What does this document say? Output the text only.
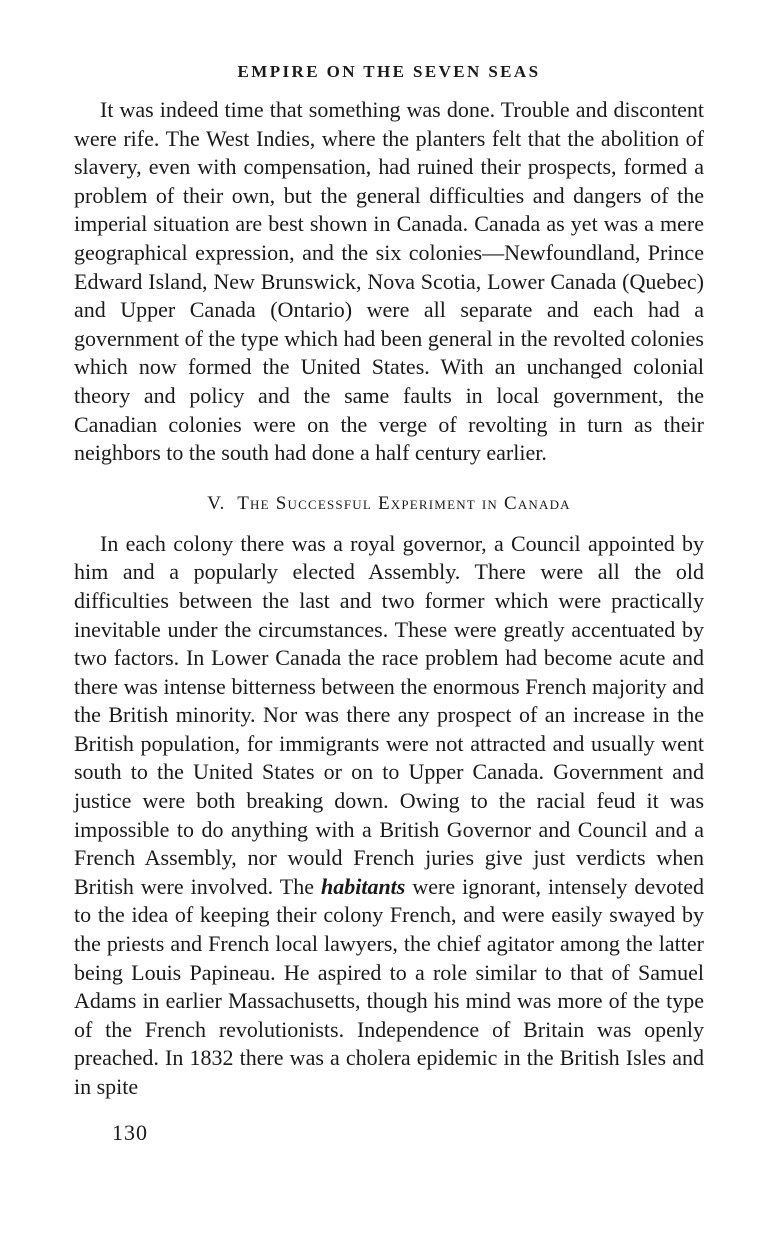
EMPIRE ON THE SEVEN SEAS

It was indeed time that something was done. Trouble and discontent were rife. The West Indies, where the planters felt that the abolition of slavery, even with compensation, had ruined their prospects, formed a problem of their own, but the general difficulties and dangers of the imperial situation are best shown in Canada. Canada as yet was a mere geographical expression, and the six colonies—Newfoundland, Prince Edward Island, New Brunswick, Nova Scotia, Lower Canada (Quebec) and Upper Canada (Ontario) were all separate and each had a government of the type which had been general in the revolted colonies which now formed the United States. With an unchanged colonial theory and policy and the same faults in local government, the Canadian colonies were on the verge of revolting in turn as their neighbors to the south had done a half century earlier.

V. The Successful Experiment in Canada

In each colony there was a royal governor, a Council appointed by him and a popularly elected Assembly. There were all the old difficulties between the last and two former which were practically inevitable under the circumstances. These were greatly accentuated by two factors. In Lower Canada the race problem had become acute and there was intense bitterness between the enormous French majority and the British minority. Nor was there any prospect of an increase in the British population, for immigrants were not attracted and usually went south to the United States or on to Upper Canada. Government and justice were both breaking down. Owing to the racial feud it was impossible to do anything with a British Governor and Council and a French Assembly, nor would French juries give just verdicts when British were involved. The habitants were ignorant, intensely devoted to the idea of keeping their colony French, and were easily swayed by the priests and French local lawyers, the chief agitator among the latter being Louis Papineau. He aspired to a role similar to that of Samuel Adams in earlier Massachusetts, though his mind was more of the type of the French revolutionists. Independence of Britain was openly preached. In 1832 there was a cholera epidemic in the British Isles and in spite

130
